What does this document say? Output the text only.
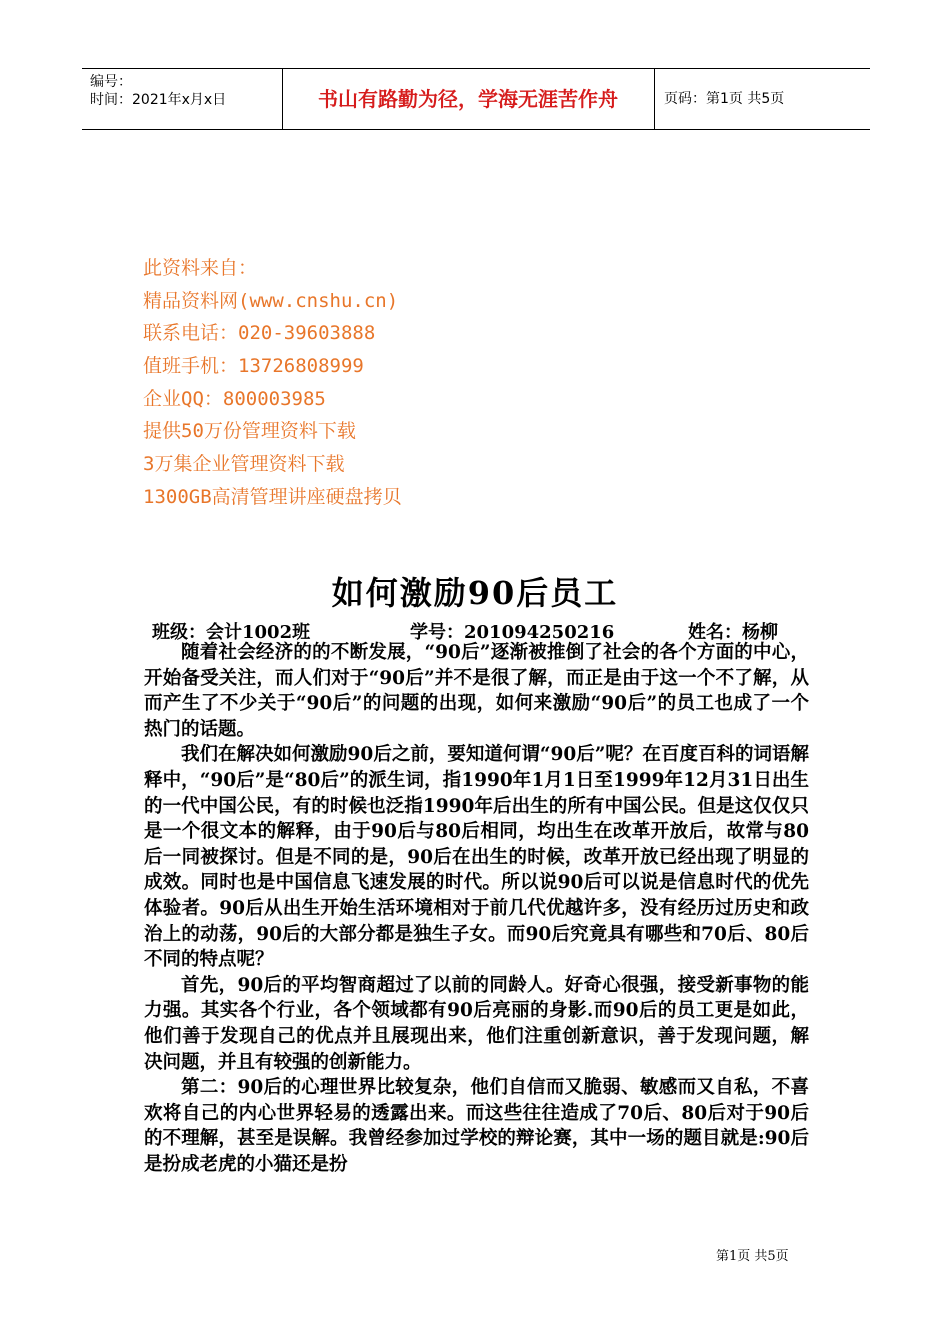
编号：
时间：2021年x月x日	书山有路勤为径，学海无涯苦作舟	页码：第1页 共5页
此资料来自：
精品资料网(www.cnshu.cn)
联系电话：020-39603888
值班手机：13726808999
企业QQ：800003985
提供50万份管理资料下载
3万集企业管理资料下载
1300GB高清管理讲座硬盘拷贝
如何激励90后员工
班级：会计1002班	学号：201094250216	姓名：杨柳

随着社会经济的的不断发展，“90后”逐渐被推倒了社会的各个方面的中心，开始备受关注，而人们对于“90后”并不是很了解，而正是由于这一个不了解，从而产生了不少关于“90后”的问题的出现，如何来激励“90后”的员工也成了一个热门的话题。

我们在解决如何激励90后之前，要知道何谓“90后”呢？在百度百科的词语解释中，“90后”是“80后”的派生词，指1990年1月1日至1999年12月31日出生的一代中国公民，有的时候也泛指1990年后出生的所有中国公民。但是这仅仅只是一个很文本的解释，由于90后与80后相同，均出生在改革开放后，故常与80后一同被探讨。但是不同的是，90后在出生的时候，改革开放已经出现了明显的成效。同时也是中国信息飞速发展的时代。所以说90后可以说是信息时代的优先体验者。90后从出生开始生活环境相对于前几代优越许多，没有经历过历史和政治上的动荡，90后的大部分都是独生子女。而90后究竟具有哪些和70后、80后不同的特点呢？

首先，90后的平均智商超过了以前的同龄人。好奇心很强，接受新事物的能力强。其实各个行业，各个领域都有90后亮丽的身影.而90后的员工更是如此，他们善于发现自己的优点并且展现出来，他们注重创新意识，善于发现问题，解决问题，并且有较强的创新能力。

第二：90后的心理世界比较复杂，他们自信而又脆弱、敏感而又自私，不喜欢将自己的内心世界轻易的透露出来。而这些往往造成了70后、80后对于90后的不理解，甚至是误解。我曾经参加过学校的辩论赛，其中一场的题目就是:90后是扮成老虎的小猫还是扮

第1页 共5页
